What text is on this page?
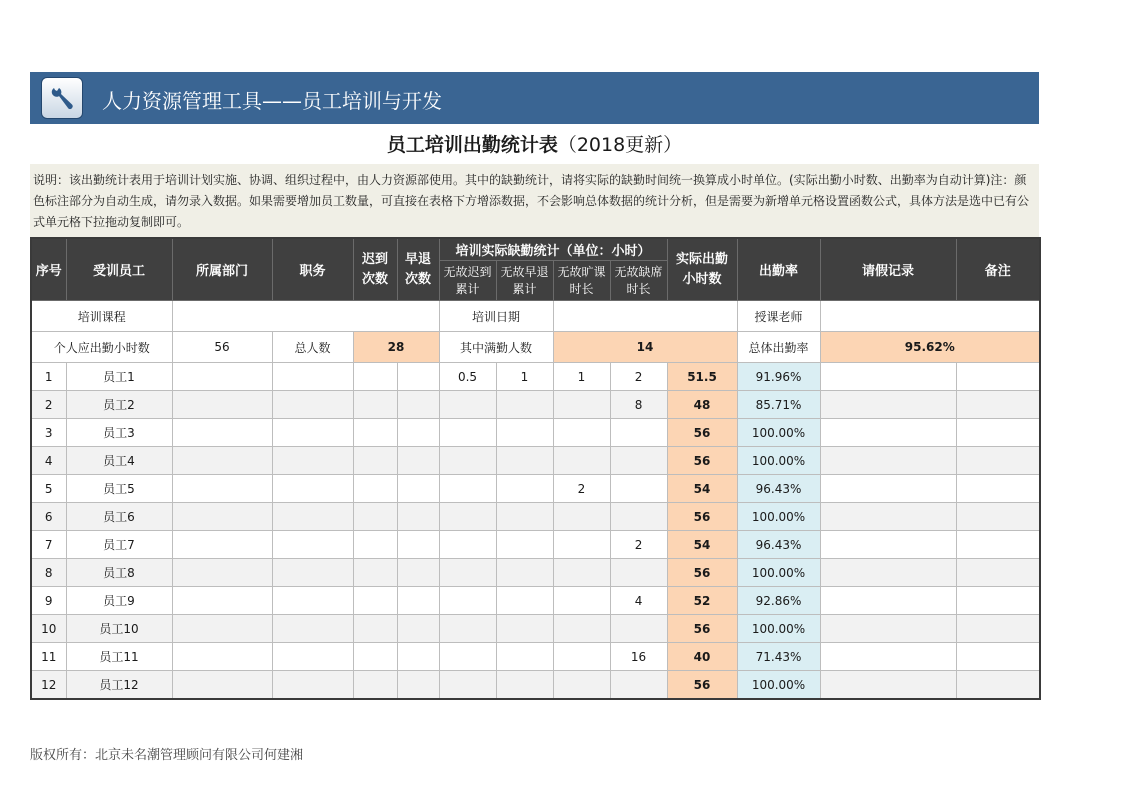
人力资源管理工具——员工培训与开发
员工培训出勤统计表（2018更新）
说明：该出勤统计表用于培训计划实施、协调、组织过程中，由人力资源部使用。其中的缺勤统计，请将实际的缺勤时间统一换算成小时单位。(实际出勤小时数、出勤率为自动计算)注：颜色标注部分为自动生成，请勿录入数据。如果需要增加员工数量，可直接在表格下方增添数据，不会影响总体数据的统计分析，但是需要为新增单元格设置函数公式，具体方法是选中已有公式单元格下拉拖动复制即可。
培训课程						培训日期					授课老师		
个人应出勤小时数		56	总人数	28		其中满勤人数		14			总体出勤率	95.62%	
序号	受训员工	所属部门	职务	迟到次数	早退次数	培训实际缺勤统计（单位：小时）				实际出勤小时数	出勤率	请假记录	备注
						无故迟到累计	无故早退累计	无故旷课时长	无故缺席时长				
1	员工1					0.5	1	1	2	51.5	91.96%		
2	员工2								8	48	85.71%		
3	员工3									56	100.00%		
4	员工4									56	100.00%		
5	员工5							2		54	96.43%		
6	员工6									56	100.00%		
7	员工7								2	54	96.43%		
8	员工8									56	100.00%		
9	员工9								4	52	92.86%		
10	员工10									56	100.00%		
11	员工11								16	40	71.43%		
12	员工12									56	100.00%		
版权所有：北京未名潮管理顾问有限公司何建湘
